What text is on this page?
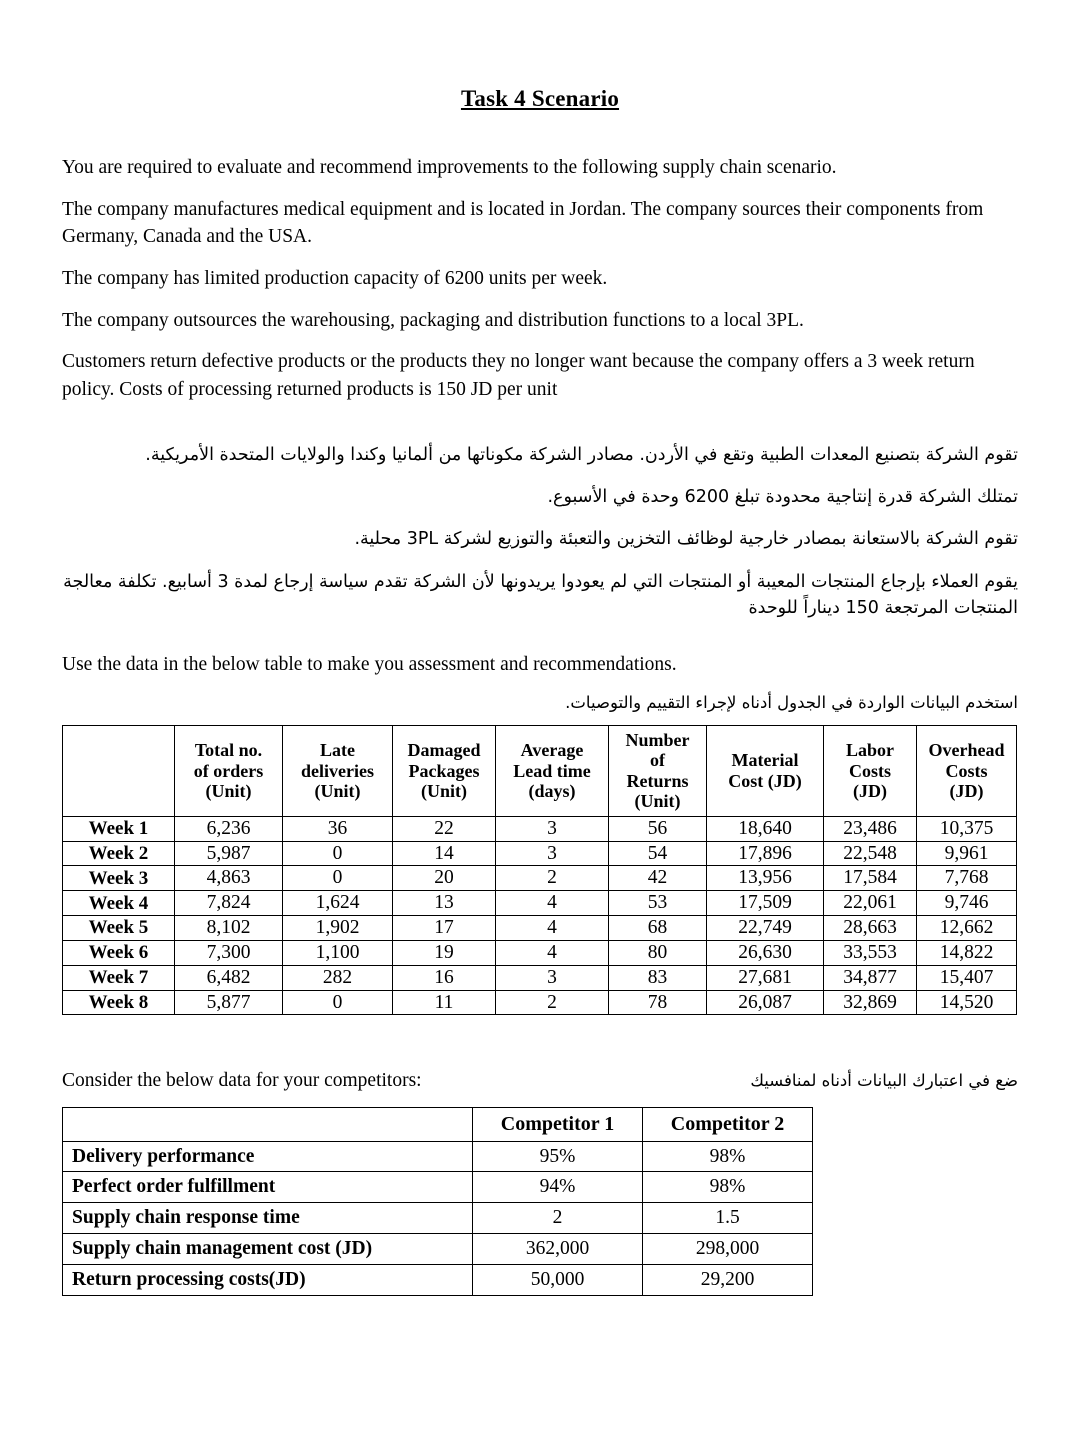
Task 4 Scenario

You are required to evaluate and recommend improvements to the following supply chain scenario.

The company manufactures medical equipment and is located in Jordan. The company sources their components from Germany, Canada and the USA.

The company has limited production capacity of 6200 units per week.

The company outsources the warehousing, packaging and distribution functions to a local 3PL.

Customers return defective products or the products they no longer want because the company offers a 3 week return policy. Costs of processing returned products is 150 JD per unit

تقوم الشركة بتصنيع المعدات الطبية وتقع في الأردن. مصادر الشركة مكوناتها من ألمانيا وكندا والولايات المتحدة الأمريكية.

تمتلك الشركة قدرة إنتاجية محدودة تبلغ 6200 وحدة في الأسبوع.

تقوم الشركة بالاستعانة بمصادر خارجية لوظائف التخزين والتعبئة والتوزيع لشركة 3PL محلية.

يقوم العملاء بإرجاع المنتجات المعيبة أو المنتجات التي لم يعودوا يريدونها لأن الشركة تقدم سياسة إرجاع لمدة 3 أسابيع. تكلفة معالجة المنتجات المرتجعة 150 ديناراً للوحدة

Use the data in the below table to make you assessment and recommendations.

استخدم البيانات الواردة في الجدول أدناه لإجراء التقييم والتوصيات.

	Total no.
of orders
(Unit)	Late
deliveries
(Unit)	Damaged
Packages
(Unit)	Average
Lead time
(days)	Number
of
Returns
(Unit)	Material
Cost (JD)	Labor
Costs
(JD)	Overhead
Costs
(JD)
Week 1	6,236	36	22	3	56	18,640	23,486	10,375
Week 2	5,987	0	14	3	54	17,896	22,548	9,961
Week 3	4,863	0	20	2	42	13,956	17,584	7,768
Week 4	7,824	1,624	13	4	53	17,509	22,061	9,746
Week 5	8,102	1,902	17	4	68	22,749	28,663	12,662
Week 6	7,300	1,100	19	4	80	26,630	33,553	14,822
Week 7	6,482	282	16	3	83	27,681	34,877	15,407
Week 8	5,877	0	11	2	78	26,087	32,869	14,520

Consider the below data for your competitors:	ضع في اعتبارك البيانات أدناه لمنافسيك

	Competitor 1	Competitor 2
Delivery performance	95%	98%
Perfect order fulfillment	94%	98%
Supply chain response time	2	1.5
Supply chain management cost (JD)	362,000	298,000
Return processing costs(JD)	50,000	29,200
